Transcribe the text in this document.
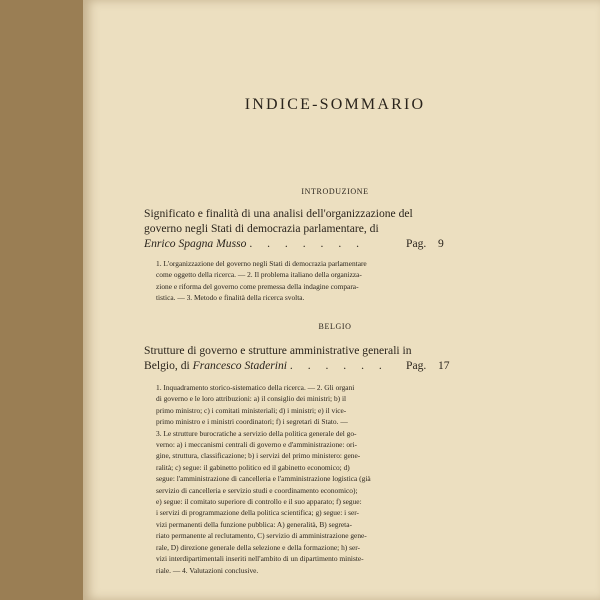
INDICE-SOMMARIO
INTRODUZIONE
Significato e finalità di una analisi dell'organizzazione del
governo negli Stati di democrazia parlamentare, di
Enrico Spagna Musso . . . . . . .	Pag. 9
1. L'organizzazione del governo negli Stati di democrazia parlamentare
come oggetto della ricerca. — 2. Il problema italiano della organizza-
zione e riforma del governo come premessa della indagine compara-
tistica. — 3. Metodo e finalità della ricerca svolta.
BELGIO
Strutture di governo e strutture amministrative generali in
Belgio, di Francesco Staderini . . . . . .	Pag. 17
1. Inquadramento storico-sistematico della ricerca. — 2. Gli organi
di governo e le loro attribuzioni: a) il consiglio dei ministri; b) il
primo ministro; c) i comitati ministeriali; d) i ministri; e) il vice-
primo ministro e i ministri coordinatori; f) i segretari di Stato. —
3. Le strutture burocratiche a servizio della politica generale del go-
verno: a) i meccanismi centrali di governo e d'amministrazione: ori-
gine, struttura, classificazione; b) i servizi del primo ministero: gene-
ralità; c) segue: il gabinetto politico ed il gabinetto economico; d)
segue: l'amministrazione di cancelleria e l'amministrazione logistica (già
servizio di cancelleria e servizio studi e coordinamento economico);
e) segue: il comitato superiore di controllo e il suo apparato; f) segue:
i servizi di programmazione della politica scientifica; g) segue: i ser-
vizi permanenti della funzione pubblica: A) generalità, B) segreta-
riato permanente al reclutamento, C) servizio di amministrazione gene-
rale, D) direzione generale della selezione e della formazione; h) ser-
vizi interdipartimentali inseriti nell'ambito di un dipartimento ministe-
riale. — 4. Valutazioni conclusive.
